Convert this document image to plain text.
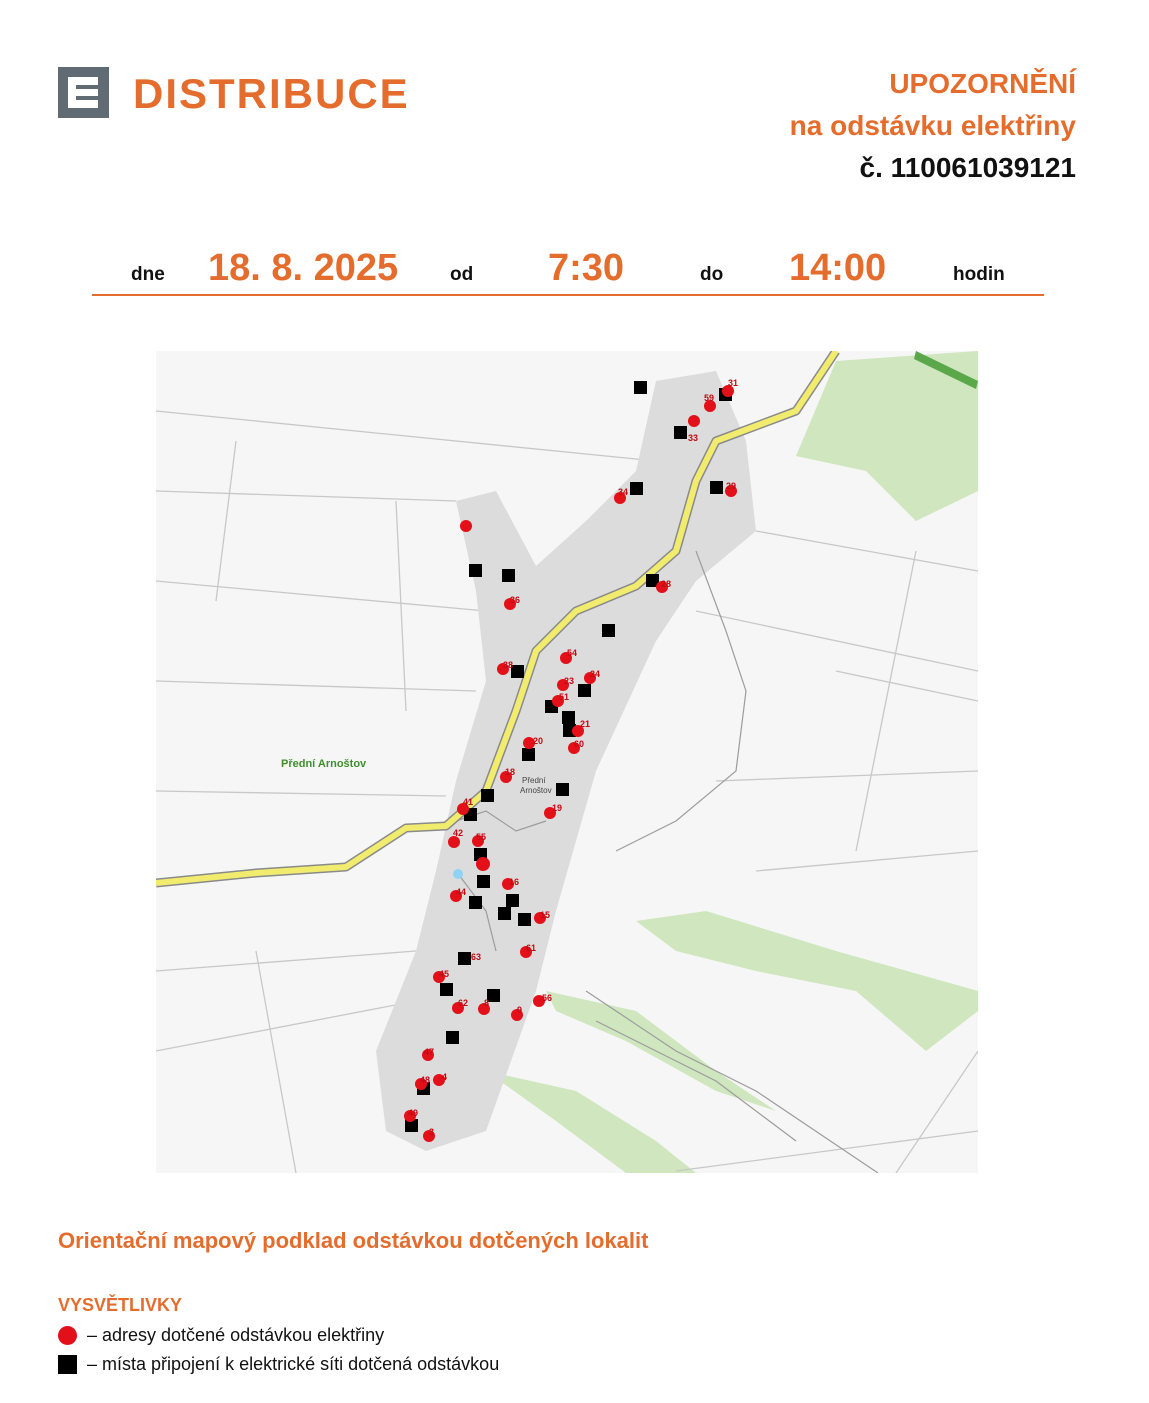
DISTRIBUCE	UPOZORNĚNÍ
na odstávku elektřiny
č. 110061039121
dne 18. 8. 2025	od 7:30	do 14:00	hodin
Přední Arnoštov
Přední
Arnoštov
31
59
33
34
29
28
36
54
38
24
23
51
21
20	60
18
41
19
42 55
16
44
15
61
63
45
62 8
9
56
47
4
48
49
3
Orientační mapový podklad odstávkou dotčených lokalit
VYSVĚTLIVKY
– adresy dotčené odstávkou elektřiny
– místa připojení k elektrické síti dotčená odstávkou
